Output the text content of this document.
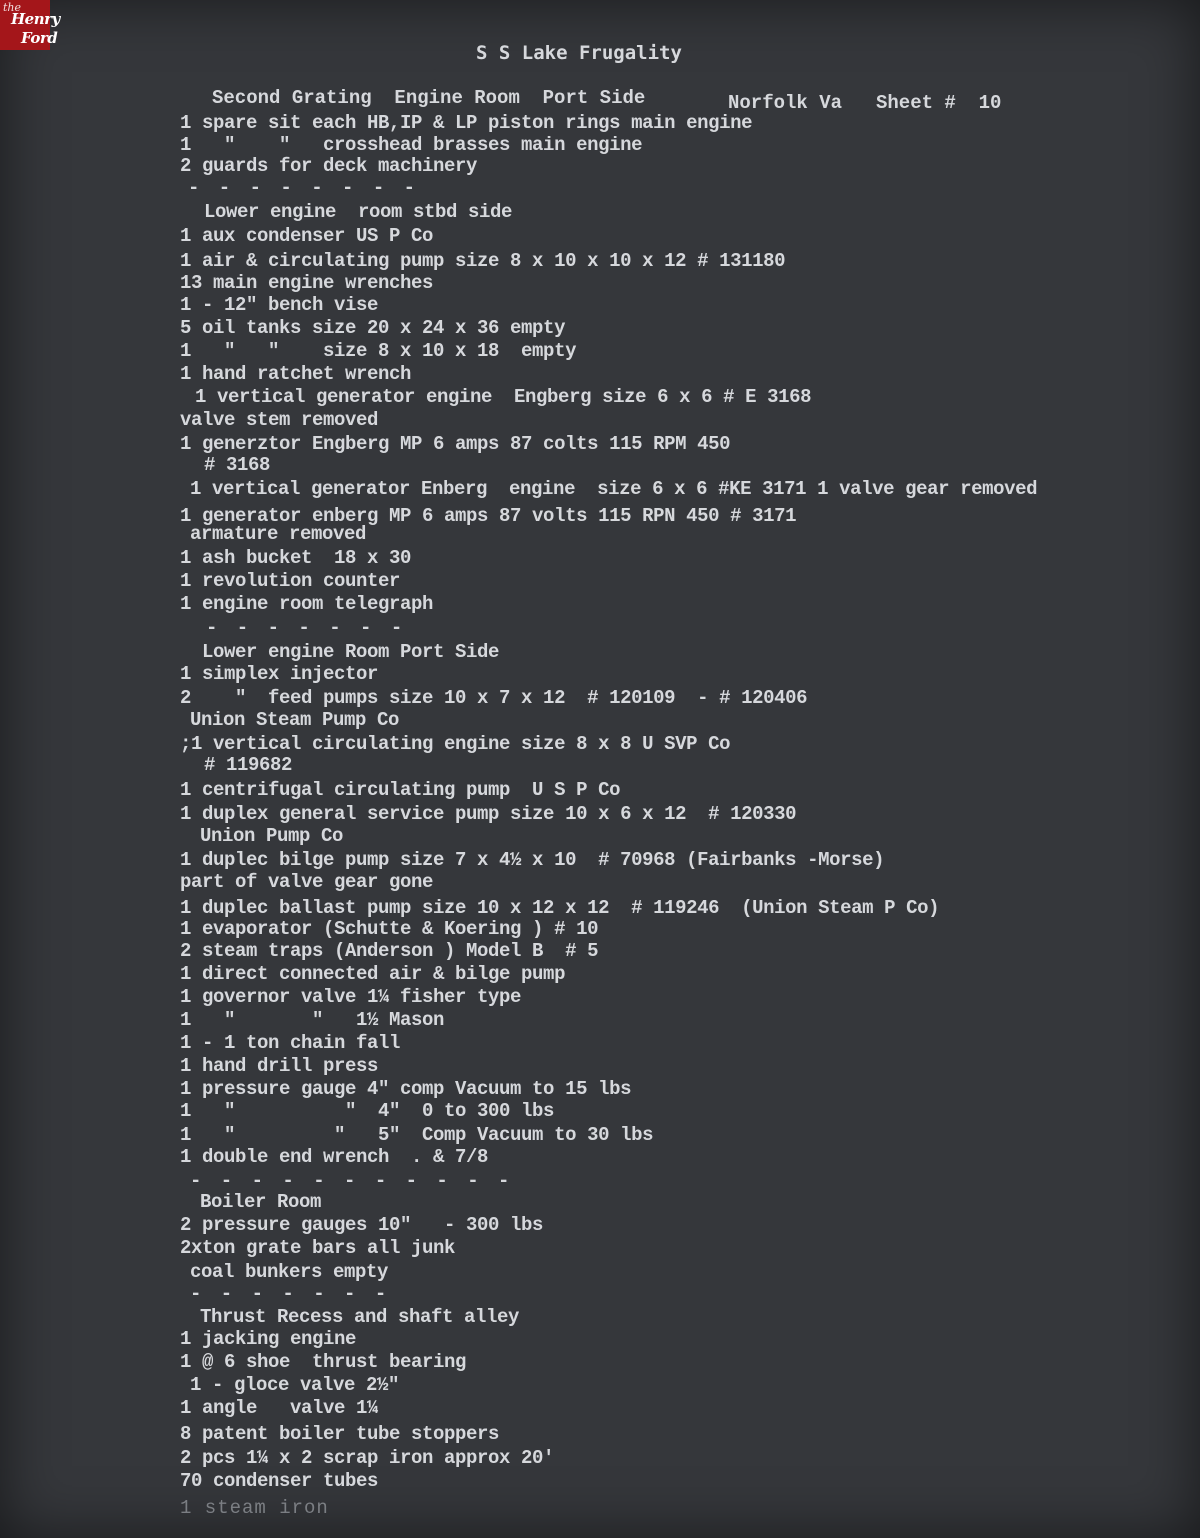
the
Henry
Ford
S S Lake Frugality
Second Grating  Engine Room  Port Side	Norfolk Va Sheet #  10
1 spare sit each HB,IP & LP piston rings main engine
1   "    "   crosshead brasses main engine
2 guards for deck machinery
- - - - - - - -
Lower engine  room stbd side
1 aux condenser US P Co
1 air & circulating pump size 8 x 10 x 10 x 12 # 131180
13 main engine wrenches
1 - 12" bench vise
5 oil tanks size 20 x 24 x 36 empty
1   "   "    size 8 x 10 x 18  empty
1 hand ratchet wrench
1 vertical generator engine  Engberg size 6 x 6 # E 3168
valve stem removed
1 generztor Engberg MP 6 amps 87 colts 115 RPM 450
# 3168
1 vertical generator Enberg  engine  size 6 x 6 #KE 3171 1 valve gear removed
1 generator enberg MP 6 amps 87 volts 115 RPN 450 # 3171
armature removed
1 ash bucket  18 x 30
1 revolution counter
1 engine room telegraph
- - - - - - -
Lower engine Room Port Side
1 simplex injector
2    "  feed pumps size 10 x 7 x 12  # 120109  - # 120406
Union Steam Pump Co
;1 vertical circulating engine size 8 x 8 U SVP Co
# 119682
1 centrifugal circulating pump  U S P Co
1 duplex general service pump size 10 x 6 x 12  # 120330
Union Pump Co
1 duplec bilge pump size 7 x 4½ x 10  # 70968 (Fairbanks -Morse)
part of valve gear gone
1 duplec ballast pump size 10 x 12 x 12  # 119246  (Union Steam P Co)
1 evaporator (Schutte & Koering ) # 10
2 steam traps (Anderson ) Model B  # 5
1 direct connected air & bilge pump
1 governor valve 1¼ fisher type
1   "       "   1½ Mason
1 - 1 ton chain fall
1 hand drill press
1 pressure gauge 4" comp Vacuum to 15 lbs
1   "          "  4"  0 to 300 lbs
1   "         "   5"  Comp Vacuum to 30 lbs
1 double end wrench  . & 7/8
- - - - - - - - - - -
Boiler Room
2 pressure gauges 10"   - 300 lbs
2xton grate bars all junk
coal bunkers empty
- - - - - - -
Thrust Recess and shaft alley
1 jacking engine
1 @ 6 shoe  thrust bearing
1 - gloce valve 2½"
1 angle   valve 1¼
8 patent boiler tube stoppers
2 pcs 1¼ x 2 scrap iron approx 20'
70 condenser tubes
1 steam iron
